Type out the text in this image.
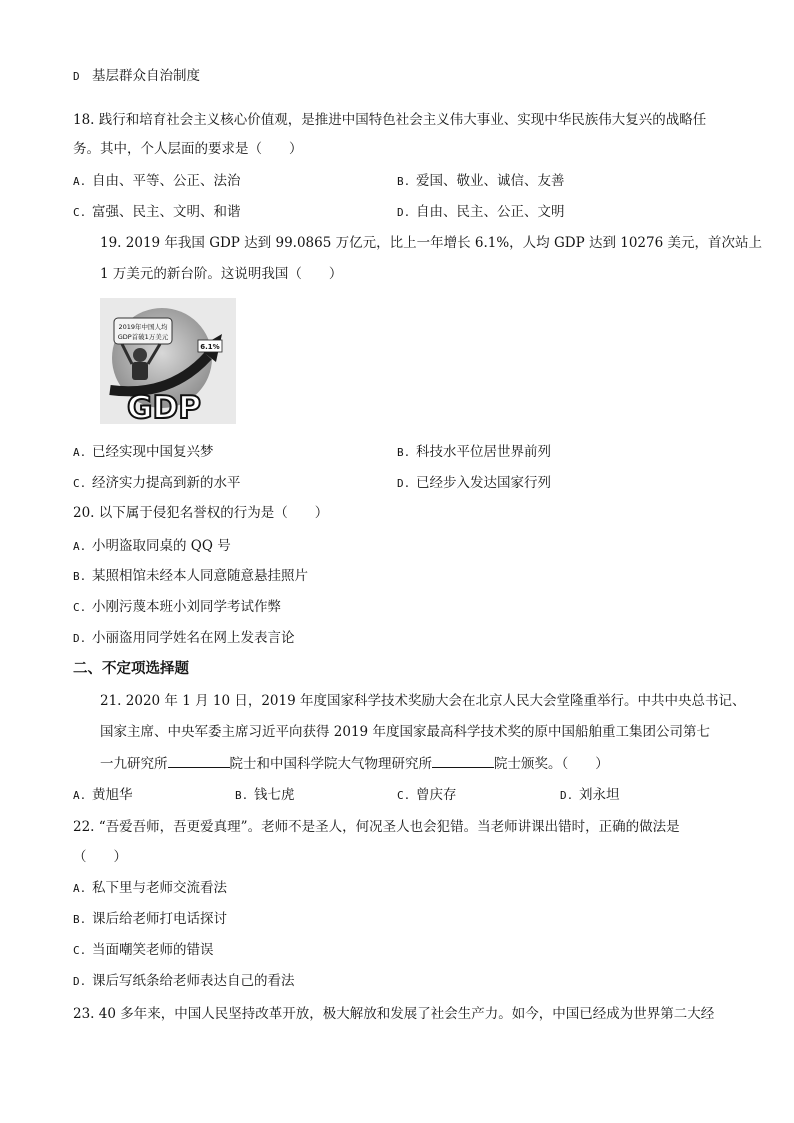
D 基层群众自治制度
18. 践行和培育社会主义核心价值观，是推进中国特色社会主义伟大事业、实现中华民族伟大复兴的战略任
务。其中，个人层面的要求是（　　）
A. 自由、平等、公正、法治	B. 爱国、敬业、诚信、友善
C. 富强、民主、文明、和谐	D. 自由、民主、公正、文明
19. 2019 年我国 GDP 达到 99.0865 万亿元，比上一年增长 6.1%，人均 GDP 达到 10276 美元，首次站上
1 万美元的新台阶。这说明我国（　　）
2019年中国人均
GDP首破1万美元
6.1%
GDP
A. 已经实现中国复兴梦	B. 科技水平位居世界前列
C. 经济实力提高到新的水平	D. 已经步入发达国家行列
20. 以下属于侵犯名誉权的行为是（　　）
A. 小明盗取同桌的 QQ 号
B. 某照相馆未经本人同意随意悬挂照片
C. 小刚污蔑本班小刘同学考试作弊
D. 小丽盗用同学姓名在网上发表言论
二、不定项选择题
21. 2020 年 1 月 10 日，2019 年度国家科学技术奖励大会在北京人民大会堂隆重举行。中共中央总书记、
国家主席、中央军委主席习近平向获得 2019 年度国家最高科学技术奖的原中国船舶重工集团公司第七
一九研究所	院士和中国科学院大气物理研究所	院士颁奖。（　　）
A. 黄旭华	B. 钱七虎	C. 曾庆存	D. 刘永坦
22. “吾爱吾师，吾更爱真理”。老师不是圣人，何况圣人也会犯错。当老师讲课出错时，正确的做法是
（　　）
A. 私下里与老师交流看法
B. 课后给老师打电话探讨
C. 当面嘲笑老师的错误
D. 课后写纸条给老师表达自己的看法
23. 40 多年来，中国人民坚持改革开放，极大解放和发展了社会生产力。如今，中国已经成为世界第二大经
